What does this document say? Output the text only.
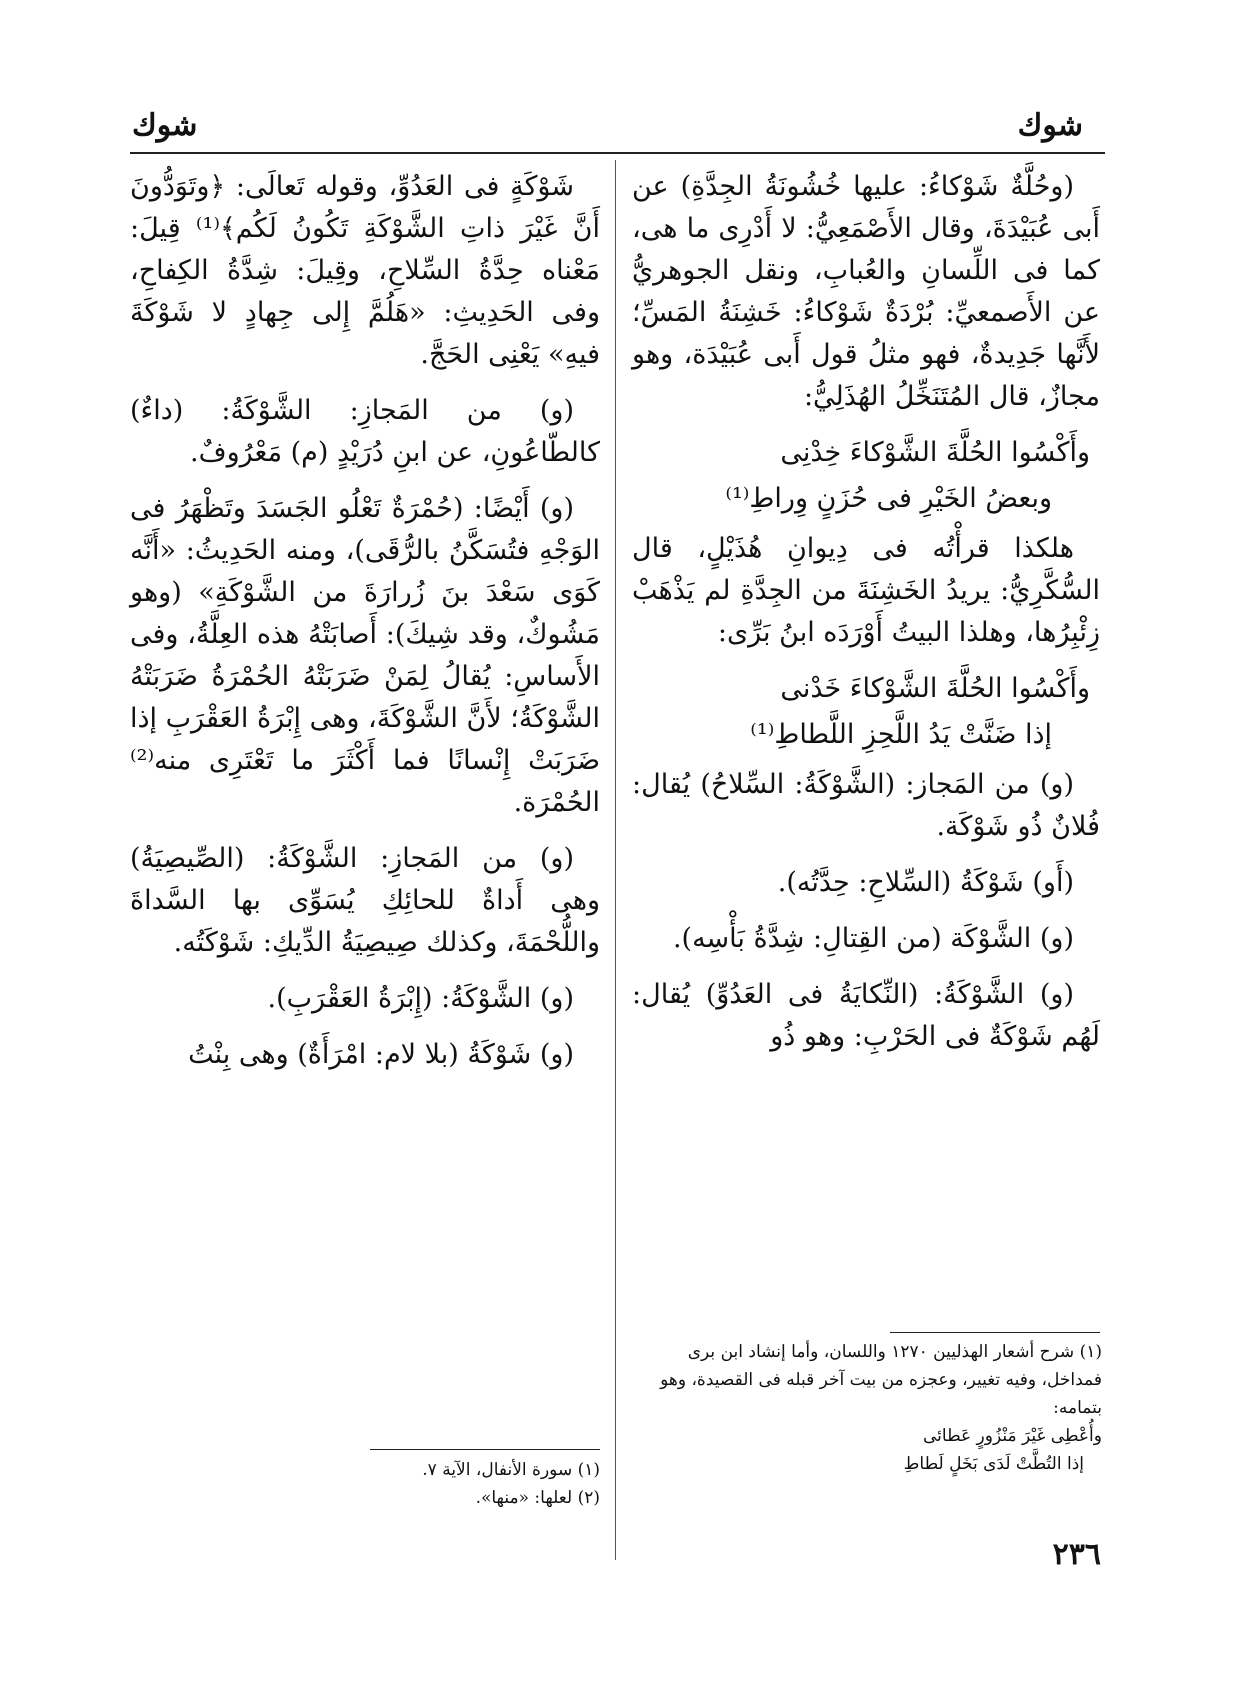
شوك
شوك

(وحُلَّةٌ شَوْكاءُ: عليها خُشُونَةُ الجِدَّةِ) عن أَبى عُبَيْدَةَ، وقال الأَصْمَعِيُّ: لا أَدْرِى ما هى، كما فى اللِّسانِ والعُبابِ، ونقل الجوهريُّ عن الأَصمعيِّ: بُرْدَةٌ شَوْكاءُ: خَشِنَةُ المَسِّ؛ لأَنَّها جَدِيدةٌ، فهو مثلُ قول أَبى عُبَيْدَة، وهو مجازٌ، قال المُتَنَخِّلُ الهُذَلِيُّ:

وأَكْسُوا الحُلَّةَ الشَّوْكاءَ خِدْنِى

وبعضُ الخَيْرِ فى حُزَنٍ وِراطِ⁽¹⁾

هلكذا قرأْتُه فى دِيوانِ هُذَيْلٍ، قال السُّكَّرِيُّ: يريدُ الخَشِنَةَ من الجِدَّةِ لم يَذْهَبْ زِئْبِرُها، وهلذا البيتُ أَوْرَدَه ابنُ بَرِّى:

وأَكْسُوا الحُلَّةَ الشَّوْكاءَ خَدْنى

إذا ضَنَّتْ يَدُ اللَّحِزِ اللَّطاطِ⁽¹⁾

(و) من المَجاز: (الشَّوْكَةُ: السِّلاحُ) يُقال: فُلانٌ ذُو شَوْكَة.

(أَو) شَوْكَةُ (السِّلاحِ: حِدَّتُه).

(و) الشَّوْكَة (من القِتالِ: شِدَّةُ بَأْسِه).

(و) الشَّوْكَةُ: (النِّكايَةُ فى العَدُوِّ) يُقال: لَهُم شَوْكَةٌ فى الحَرْبِ: وهو ذُو

شَوْكَةٍ فى العَدُوِّ، وقوله تَعالَى: ﴿وتَوَدُّونَ أَنَّ غَيْرَ ذاتِ الشَّوْكَةِ تَكُونُ لَكُم﴾⁽¹⁾ قِيلَ: مَعْناه حِدَّةُ السِّلاحِ، وقِيلَ: شِدَّةُ الكِفاحِ، وفى الحَدِيثِ: «هَلُمَّ إِلى جِهادٍ لا شَوْكَةَ فيهِ» يَعْنِى الحَجَّ.

(و) من المَجازِ: الشَّوْكَةُ: (داءٌ) كالطّاعُونِ، عن ابنِ دُرَيْدٍ (م) مَعْرُوفٌ.

(و) أَيْضًا: (حُمْرَةٌ تَعْلُو الجَسَدَ وتَظْهَرُ فى الوَجْهِ فتُسَكَّنُ بالرُّقَى)، ومنه الحَدِيثُ: «أَنَّه كَوَى سَعْدَ بنَ زُرارَةَ من الشَّوْكَةِ» (وهو مَشُوكٌ، وقد شِيكَ): أَصابَتْهُ هذه العِلَّةُ، وفى الأَساسِ: يُقالُ لِمَنْ ضَرَبَتْهُ الحُمْرَةُ ضَرَبَتْهُ الشَّوْكَةُ؛ لأَنَّ الشَّوْكَةَ، وهى إِبْرَةُ العَقْرَبِ إذا ضَرَبَتْ إِنْسانًا فما أَكْثَرَ ما تَعْتَرِى منه⁽²⁾ الحُمْرَة.

(و) من المَجازِ: الشَّوْكَةُ: (الصِّيصِيَةُ) وهى أَداةٌ للحائِكِ يُسَوِّى بها السَّداةَ واللُّحْمَةَ، وكذلك صِيصِيَةُ الدِّيكِ: شَوْكَتُه.

(و) الشَّوْكَةُ: (إِبْرَةُ العَقْرَبِ).

(و) شَوْكَةُ (بلا لام: امْرَأَةٌ) وهى بِنْتُ

(١) شرح أشعار الهذليين ١٢٧٠ واللسان، وأما إنشاد ابن برى فمداخل، وفيه تغيير، وعجزه من بيت آخر قبله فى القصيدة، وهو بتمامه:

وأُعْطِى غَيْرَ مَنْزُورٍ عَطائى

إذا التُطَّتْ لَدَى بَخَلٍ لَطاطِ

(١) سورة الأنفال، الآية ٧.

(٢) لعلها: «منها».

٢٣٦
